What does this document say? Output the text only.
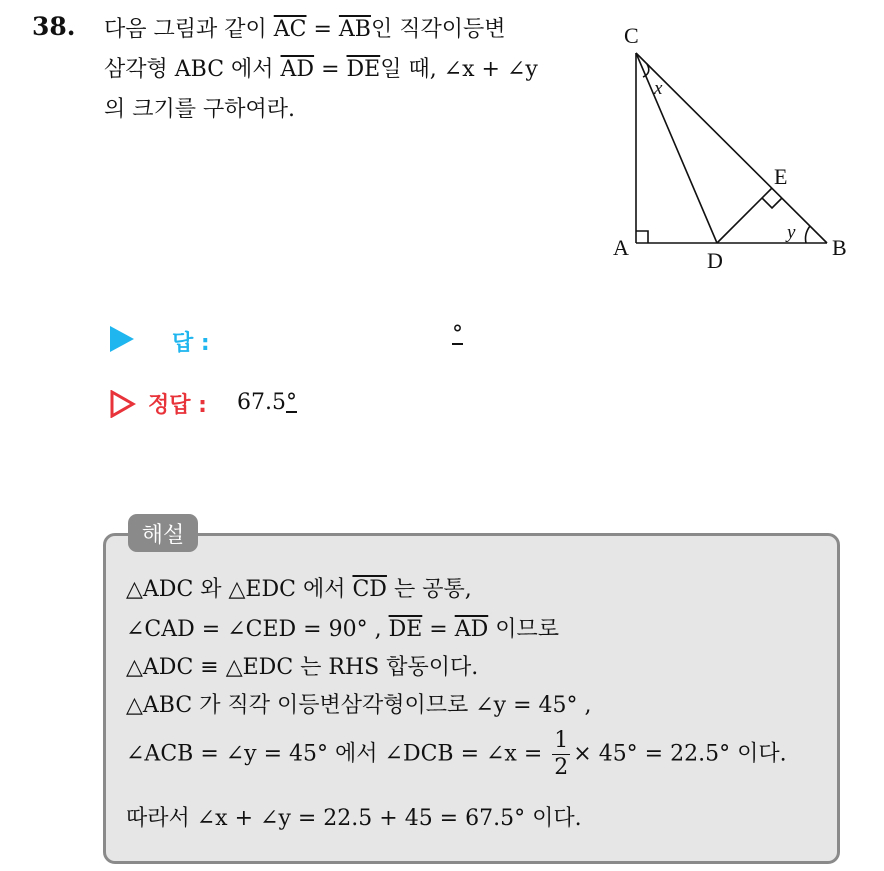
38. 다음 그림과 같이 $\overline{AC} = \overline{AB}$인 직각이등변
삼각형 ABC 에서 $\overline{AD} = \overline{DE}$일 때, ∠x + ∠y
의 크기를 구하여라.
C
A	B
D
E
x
y
답 :	°
정답 : 67.5°
해설
△ADC 와 △EDC 에서 $\overline{CD}$ 는 공통,
∠CAD = ∠CED = 90° , $\overline{DE} = \overline{AD}$ 이므로
△ADC ≡ △EDC 는 RHS 합동이다.
△ABC 가 직각 이등변삼각형이므로 ∠y = 45° ,
∠ACB = ∠y = 45° 에서 ∠DCB = ∠x = $\frac{1}{2} \times 45^\circ = 22.5^\circ$ 이다.
따라서 ∠x + ∠y = 22.5 + 45 = 67.5° 이다.
